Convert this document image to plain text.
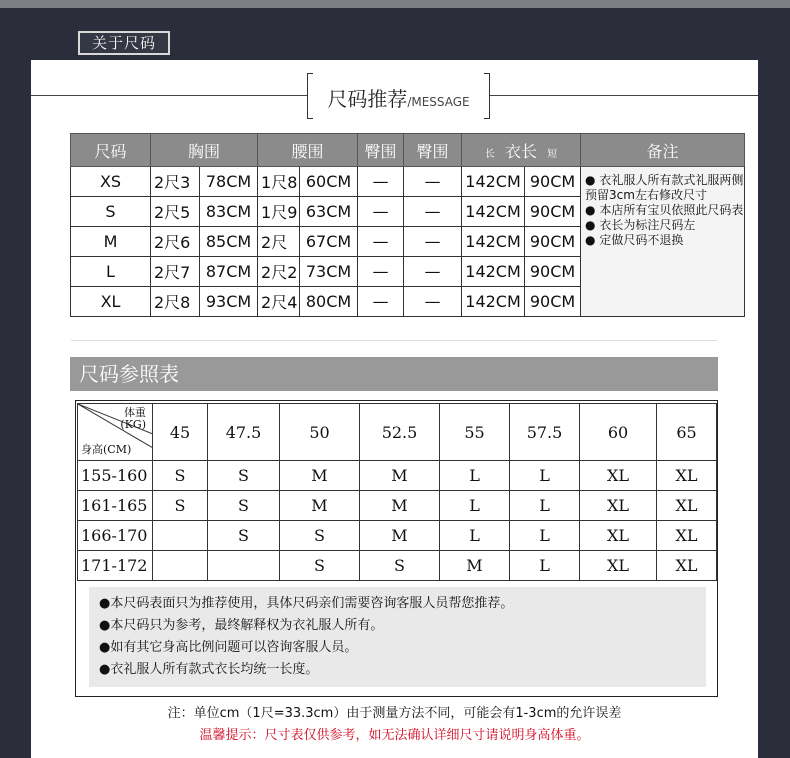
关于尺码
尺码推荐/MESSAGE
尺码	胸围		腰围		臀围	臀围	长 衣长 短		备注
XS	2尺3	78CM	1尺8	60CM	—	—	142CM	90CM	● 衣礼服人所有款式礼服两侧预留3cm左右修改尺寸
● 本店所有宝贝依照此尺码表
● 衣长为标注尺码左
● 定做尺码不退换

S	2尺5	83CM	1尺9	63CM	—	—	142CM	90CM	
M	2尺6	85CM	2尺	67CM	—	—	142CM	90CM	
L	2尺7	87CM	2尺2	73CM	—	—	142CM	90CM	
XL	2尺8	93CM	2尺4	80CM	—	—	142CM	90CM	
尺码参照表
体重
(KG)
身高(CM)	45	47.5	50	52.5	55	57.5	60	65
155-160	S	S	M	M	L	L	XL	XL
161-165	S	S	M	M	L	L	XL	XL
166-170		S	S	M	L	L	XL	XL
171-172			S	S	M	L	XL	XL
●本尺码表面只为推荐使用，具体尺码亲们需要咨询客服人员帮您推荐。
●本尺码只为参考，最终解释权为衣礼服人所有。
●如有其它身高比例问题可以咨询客服人员。
●衣礼服人所有款式衣长均统一长度。
注：单位cm（1尺=33.3cm）由于测量方法不同，可能会有1-3cm的允许误差
温馨提示：尺寸表仅供参考，如无法确认详细尺寸请说明身高体重。
